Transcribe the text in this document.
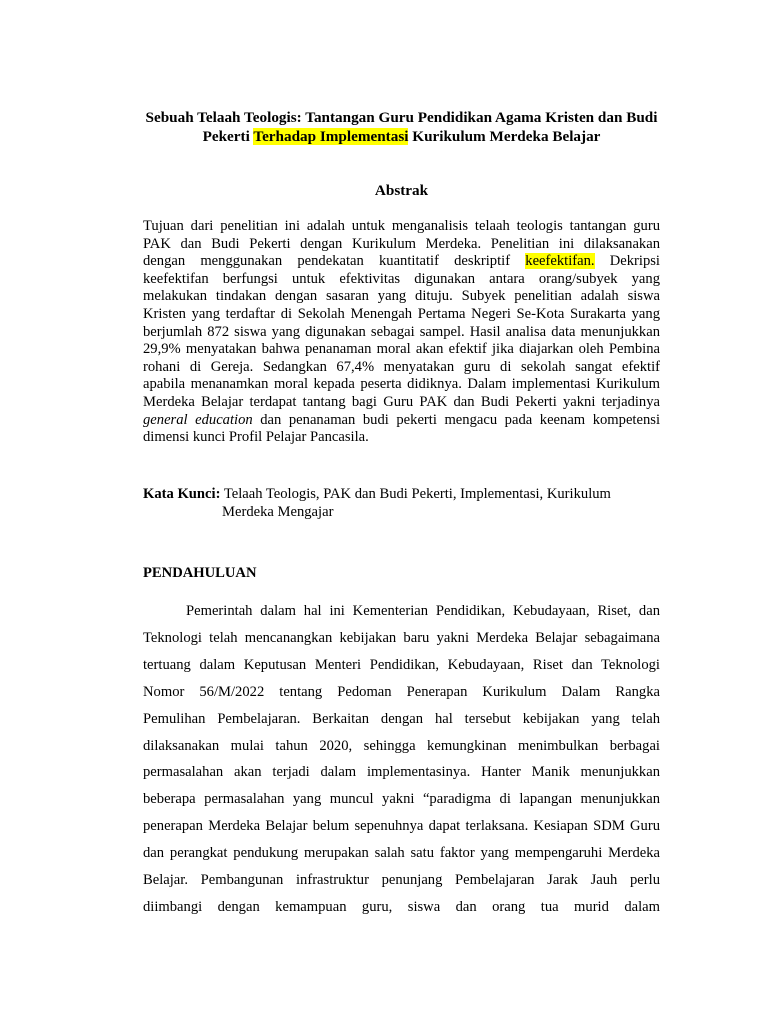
Sebuah Telaah Teologis: Tantangan Guru Pendidikan Agama Kristen dan Budi
Pekerti Terhadap Implementasi Kurikulum Merdeka Belajar
Abstrak
Tujuan dari penelitian ini adalah untuk menganalisis telaah teologis tantangan guru
PAK dan Budi Pekerti dengan Kurikulum Merdeka. Penelitian ini dilaksanakan
dengan menggunakan pendekatan kuantitatif deskriptif keefektifan. Dekripsi
keefektifan berfungsi untuk efektivitas digunakan antara orang/subyek yang
melakukan tindakan dengan sasaran yang dituju. Subyek penelitian adalah siswa
Kristen yang terdaftar di Sekolah Menengah Pertama Negeri Se-Kota Surakarta yang
berjumlah 872 siswa yang digunakan sebagai sampel. Hasil analisa data menunjukkan
29,9% menyatakan bahwa penanaman moral akan efektif jika diajarkan oleh Pembina
rohani di Gereja. Sedangkan 67,4% menyatakan guru di sekolah sangat efektif
apabila menanamkan moral kepada peserta didiknya. Dalam implementasi Kurikulum
Merdeka Belajar terdapat tantang bagi Guru PAK dan Budi Pekerti yakni terjadinya
general education dan penanaman budi pekerti mengacu pada keenam kompetensi
dimensi kunci Profil Pelajar Pancasila.
Kata Kunci: Telaah Teologis, PAK dan Budi Pekerti, Implementasi, Kurikulum
Merdeka Mengajar
PENDAHULUAN
Pemerintah dalam hal ini Kementerian Pendidikan, Kebudayaan, Riset, dan
Teknologi telah mencanangkan kebijakan baru yakni Merdeka Belajar sebagaimana
tertuang dalam Keputusan Menteri Pendidikan, Kebudayaan, Riset dan Teknologi
Nomor 56/M/2022 tentang Pedoman Penerapan Kurikulum Dalam Rangka
Pemulihan Pembelajaran. Berkaitan dengan hal tersebut kebijakan yang telah
dilaksanakan mulai tahun 2020, sehingga kemungkinan menimbulkan berbagai
permasalahan akan terjadi dalam implementasinya. Hanter Manik menunjukkan
beberapa permasalahan yang muncul yakni “paradigma di lapangan menunjukkan
penerapan Merdeka Belajar belum sepenuhnya dapat terlaksana. Kesiapan SDM Guru
dan perangkat pendukung merupakan salah satu faktor yang mempengaruhi Merdeka
Belajar. Pembangunan infrastruktur penunjang Pembelajaran Jarak Jauh perlu
diimbangi dengan kemampuan guru, siswa dan orang tua murid dalam
